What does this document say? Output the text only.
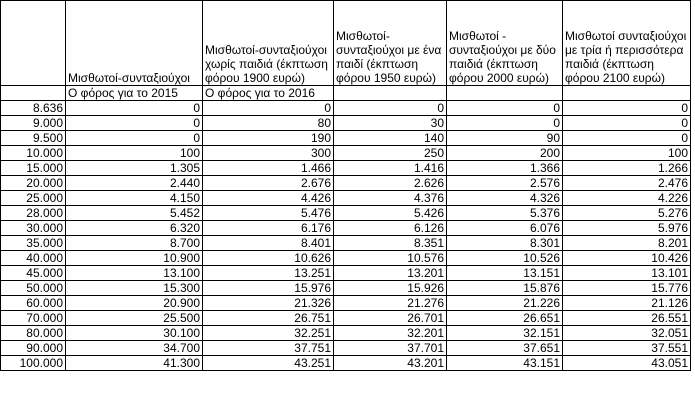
	Μισθωτοί-συνταξιούχοι	Μισθωτοί-συνταξιούχοι χωρίς παιδιά (έκπτωση φόρου 1900 ευρώ)	Μισθωτοί-συνταξιούχοι με ένα παιδί (έκπτωση φόρου 1950 ευρώ)	Μισθωτοί - συνταξιούχοι με δύο παιδιά (έκπτωση φόρου 2000 ευρώ)	Μισθωτοί συνταξιούχοι με τρία ή περισσότερα παιδιά (έκπτωση φόρου 2100 ευρώ)
	Ο φόρος για το 2015	Ο φόρος για το 2016			
8.636	0	0	0	0	0
9.000	0	80	30	0	0
9.500	0	190	140	90	0
10.000	100	300	250	200	100
15.000	1.305	1.466	1.416	1.366	1.266
20.000	2.440	2.676	2.626	2.576	2.476
25.000	4.150	4.426	4.376	4.326	4.226
28.000	5.452	5.476	5.426	5.376	5.276
30.000	6.320	6.176	6.126	6.076	5.976
35.000	8.700	8.401	8.351	8.301	8.201
40.000	10.900	10.626	10.576	10.526	10.426
45.000	13.100	13.251	13.201	13.151	13.101
50.000	15.300	15.976	15.926	15.876	15.776
60.000	20.900	21.326	21.276	21.226	21.126
70.000	25.500	26.751	26.701	26.651	26.551
80.000	30.100	32.251	32.201	32.151	32.051
90.000	34.700	37.751	37.701	37.651	37.551
100.000	41.300	43.251	43.201	43.151	43.051
